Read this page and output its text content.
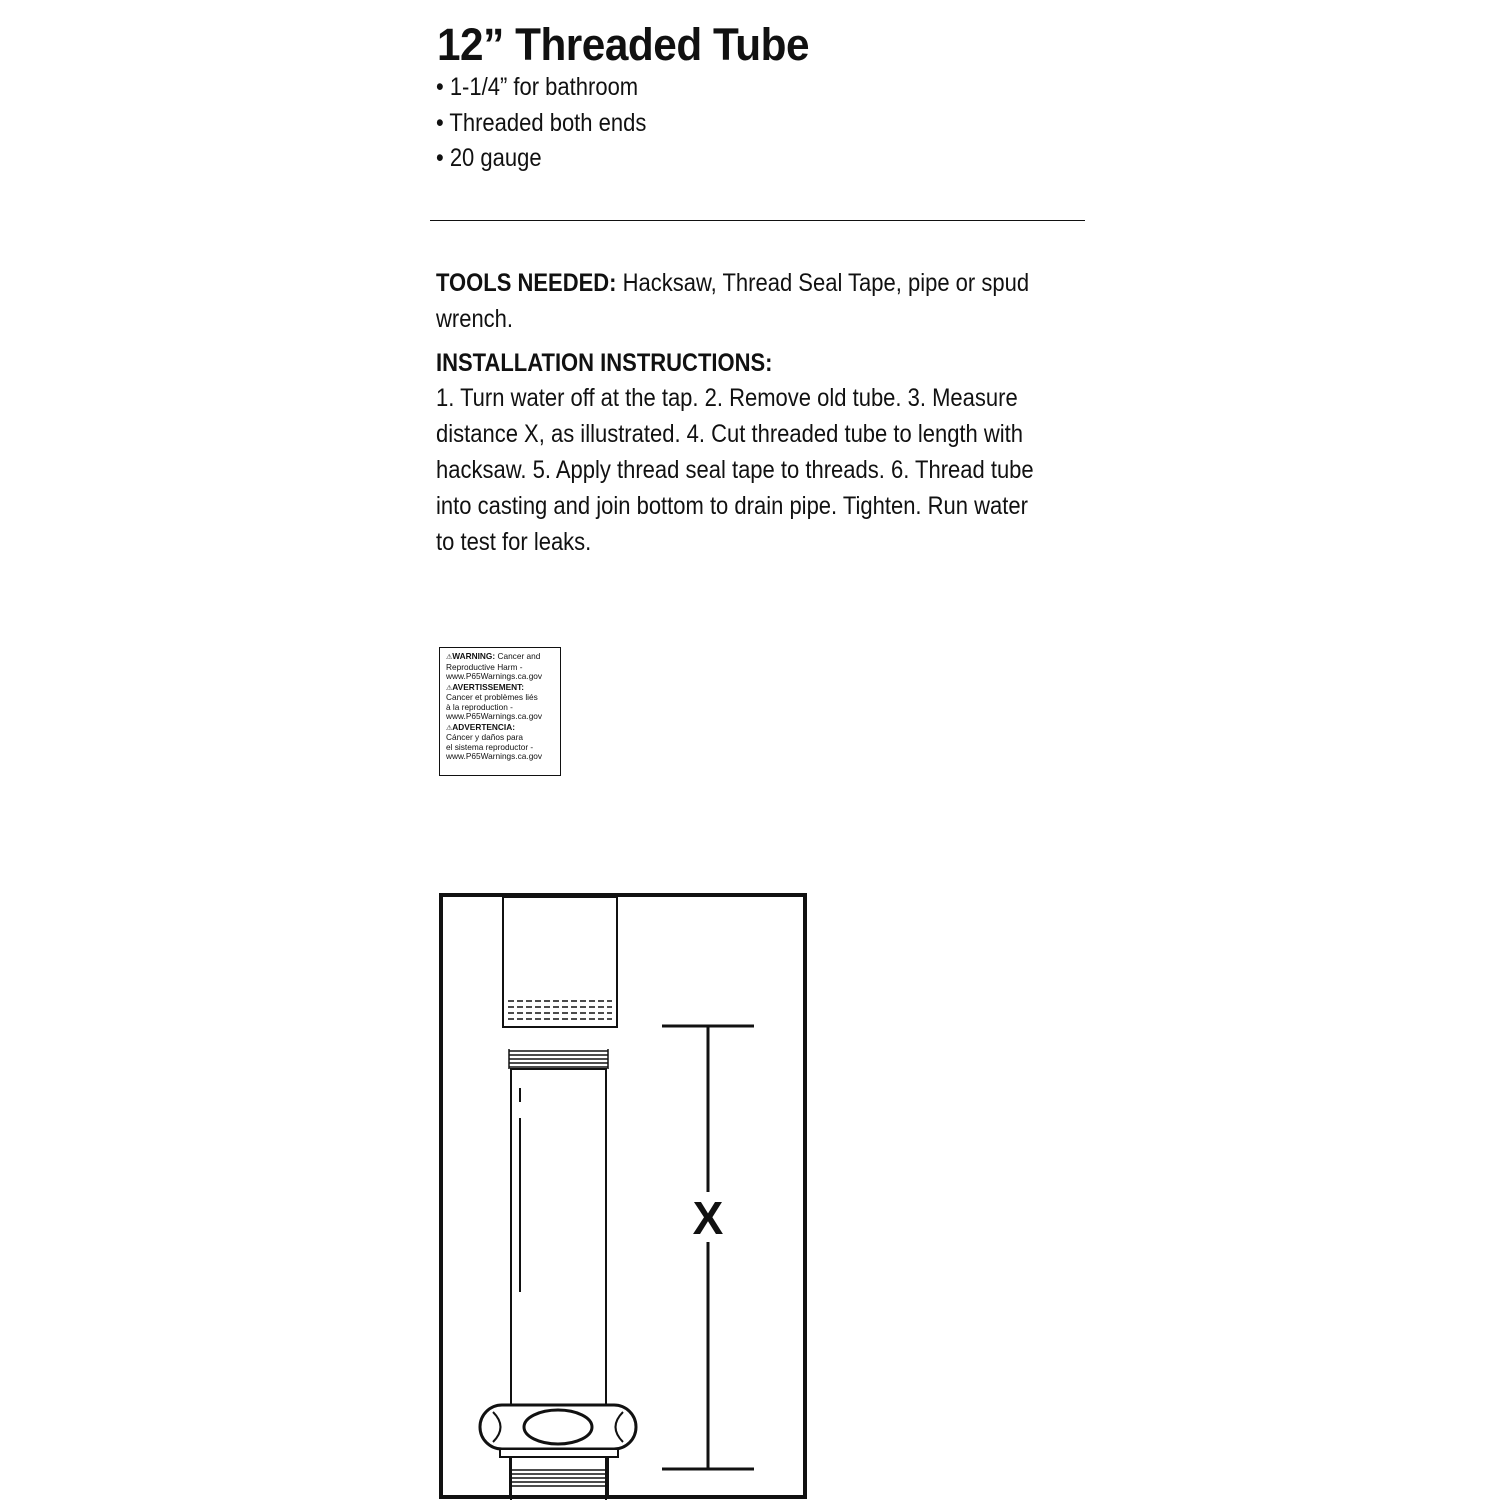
12” Threaded Tube
• 1-1/4” for bathroom
• Threaded both ends
• 20 gauge

TOOLS NEEDED: Hacksaw, Thread Seal Tape, pipe or spud wrench.

INSTALLATION INSTRUCTIONS:
1. Turn water off at the tap. 2. Remove old tube. 3. Measure distance X, as illustrated. 4. Cut threaded tube to length with hacksaw. 5. Apply thread seal tape to threads. 6. Thread tube into casting and join bottom to drain pipe. Tighten. Run water to test for leaks.
⚠WARNING: Cancer and
Reproductive Harm -
www.P65Warnings.ca.gov
⚠AVERTISSEMENT:
Cancer et problèmes liés
à la reproduction -
www.P65Warnings.ca.gov
⚠ADVERTENCIA:
Cáncer y daños para
el sistema reproductor -
www.P65Warnings.ca.gov
X
